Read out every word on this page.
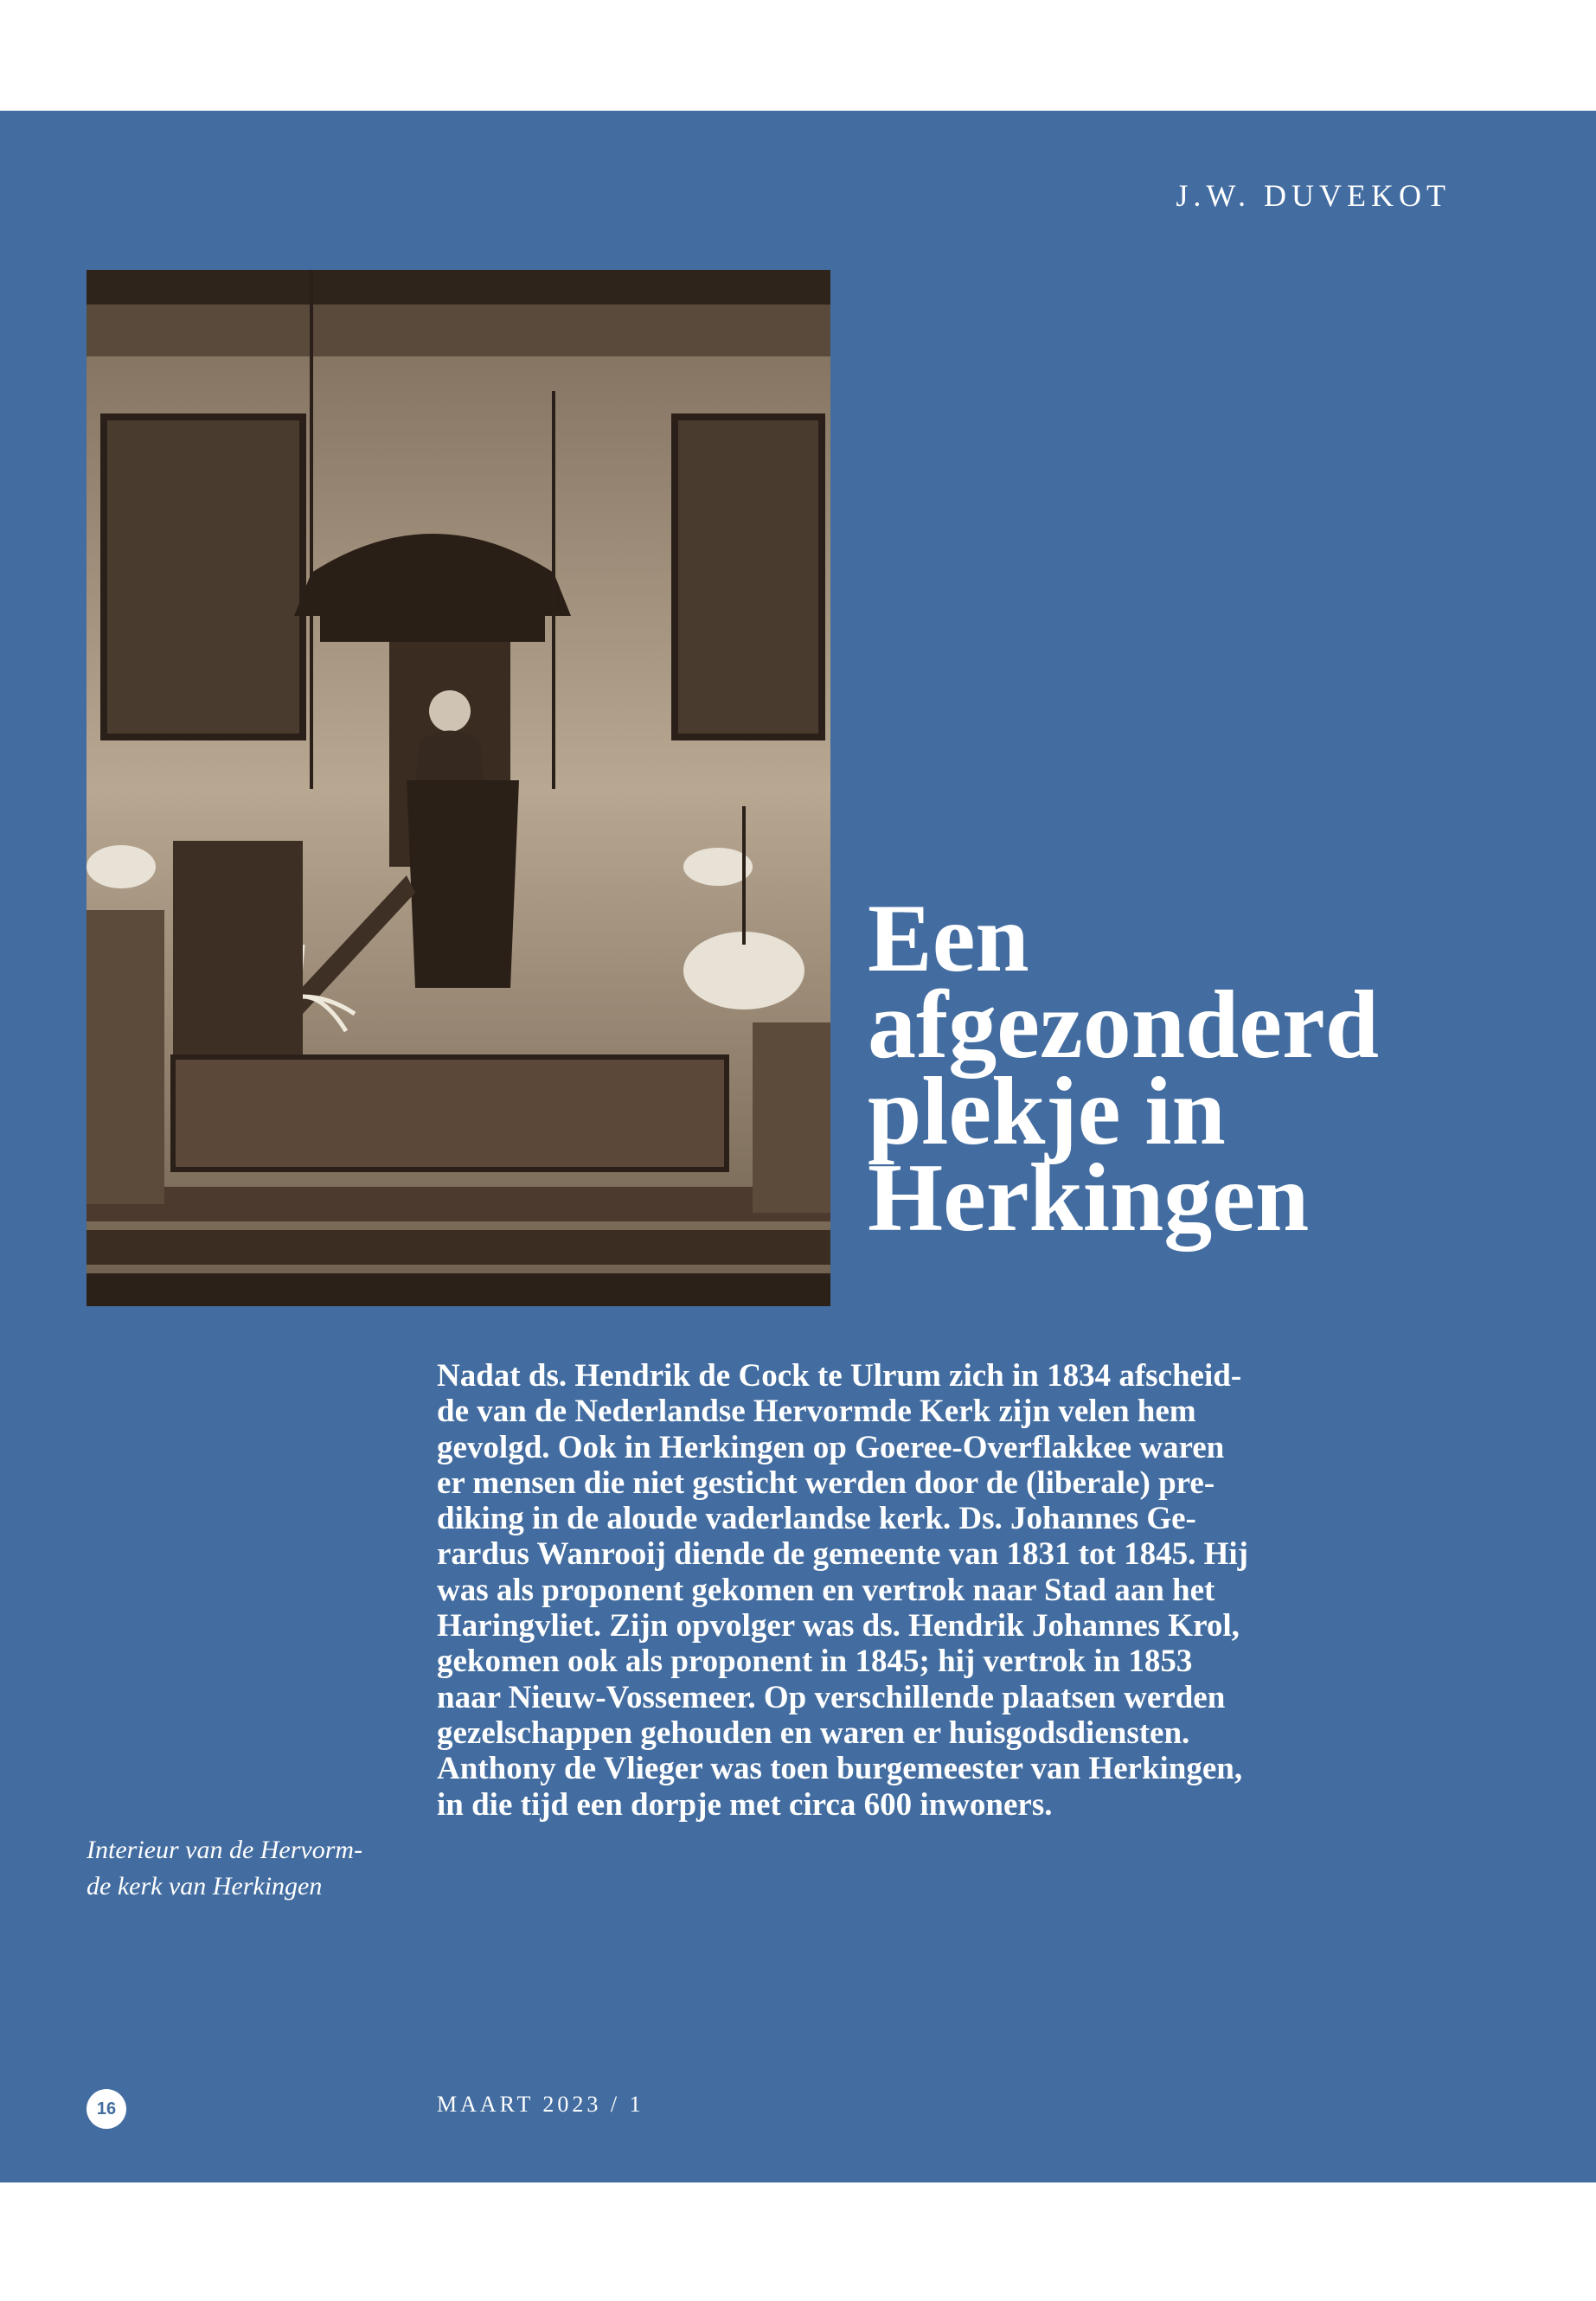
J.W. DUVEKOT
Een
afgezonderd
plekje in
Herkingen
Nadat ds. Hendrik de Cock te Ulrum zich in 1834 afscheid-
de van de Nederlandse Hervormde Kerk zijn velen hem
gevolgd. Ook in Herkingen op Goeree-Overflakkee waren
er mensen die niet gesticht werden door de (liberale) pre-
diking in de aloude vaderlandse kerk. Ds. Johannes Ge-
rardus Wanrooij diende de gemeente van 1831 tot 1845. Hij
was als proponent gekomen en vertrok naar Stad aan het
Haringvliet. Zijn opvolger was ds. Hendrik Johannes Krol,
gekomen ook als proponent in 1845; hij vertrok in 1853
naar Nieuw-Vossemeer. Op verschillende plaatsen werden
gezelschappen gehouden en waren er huisgodsdiensten.
Anthony de Vlieger was toen burgemeester van Herkingen,
in die tijd een dorpje met circa 600 inwoners.
Interieur van de Hervorm-
de kerk van Herkingen
16	MAART 2023 / 1
